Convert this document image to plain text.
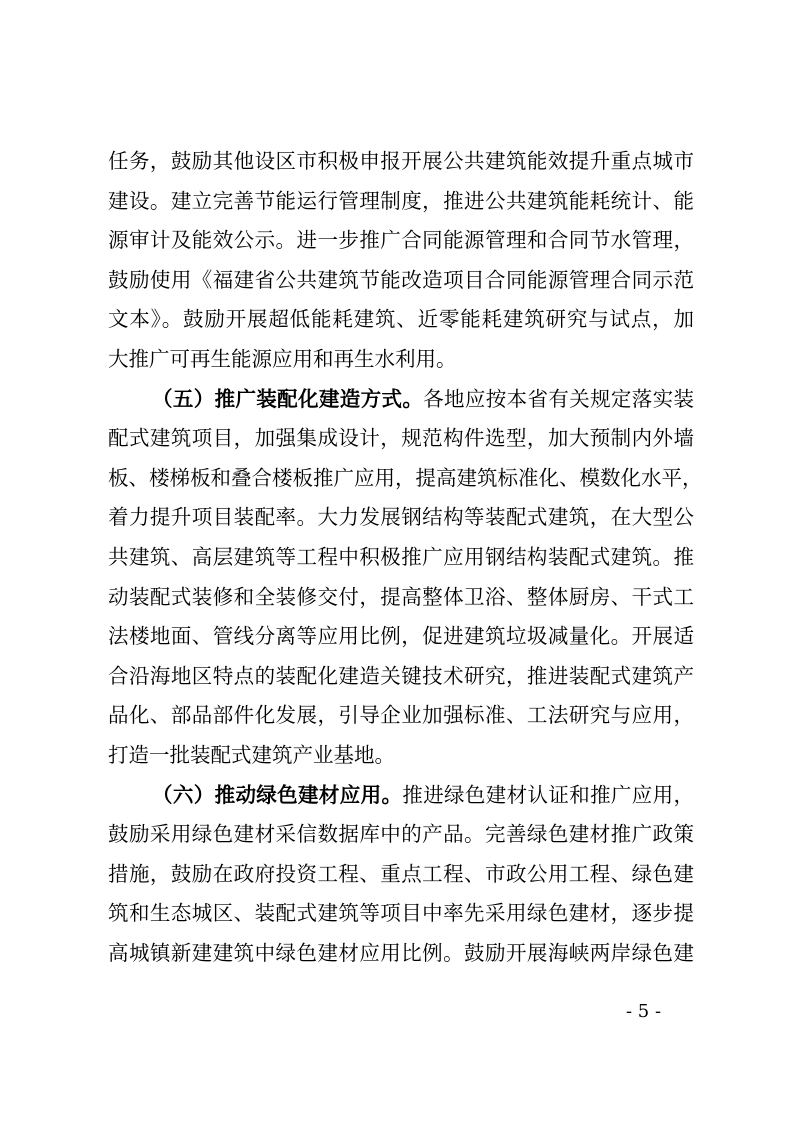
任务，鼓励其他设区市积极申报开展公共建筑能效提升重点城市
建设。建立完善节能运行管理制度，推进公共建筑能耗统计、能
源审计及能效公示。进一步推广合同能源管理和合同节水管理，
鼓励使用《福建省公共建筑节能改造项目合同能源管理合同示范
文本》。鼓励开展超低能耗建筑、近零能耗建筑研究与试点，加
大推广可再生能源应用和再生水利用。
（五）推广装配化建造方式。各地应按本省有关规定落实装
配式建筑项目，加强集成设计，规范构件选型，加大预制内外墙
板、楼梯板和叠合楼板推广应用，提高建筑标准化、模数化水平，
着力提升项目装配率。大力发展钢结构等装配式建筑，在大型公
共建筑、高层建筑等工程中积极推广应用钢结构装配式建筑。推
动装配式装修和全装修交付，提高整体卫浴、整体厨房、干式工
法楼地面、管线分离等应用比例，促进建筑垃圾减量化。开展适
合沿海地区特点的装配化建造关键技术研究，推进装配式建筑产
品化、部品部件化发展，引导企业加强标准、工法研究与应用，
打造一批装配式建筑产业基地。
（六）推动绿色建材应用。推进绿色建材认证和推广应用，
鼓励采用绿色建材采信数据库中的产品。完善绿色建材推广政策
措施，鼓励在政府投资工程、重点工程、市政公用工程、绿色建
筑和生态城区、装配式建筑等项目中率先采用绿色建材，逐步提
高城镇新建建筑中绿色建材应用比例。鼓励开展海峡两岸绿色建
- 5 -
